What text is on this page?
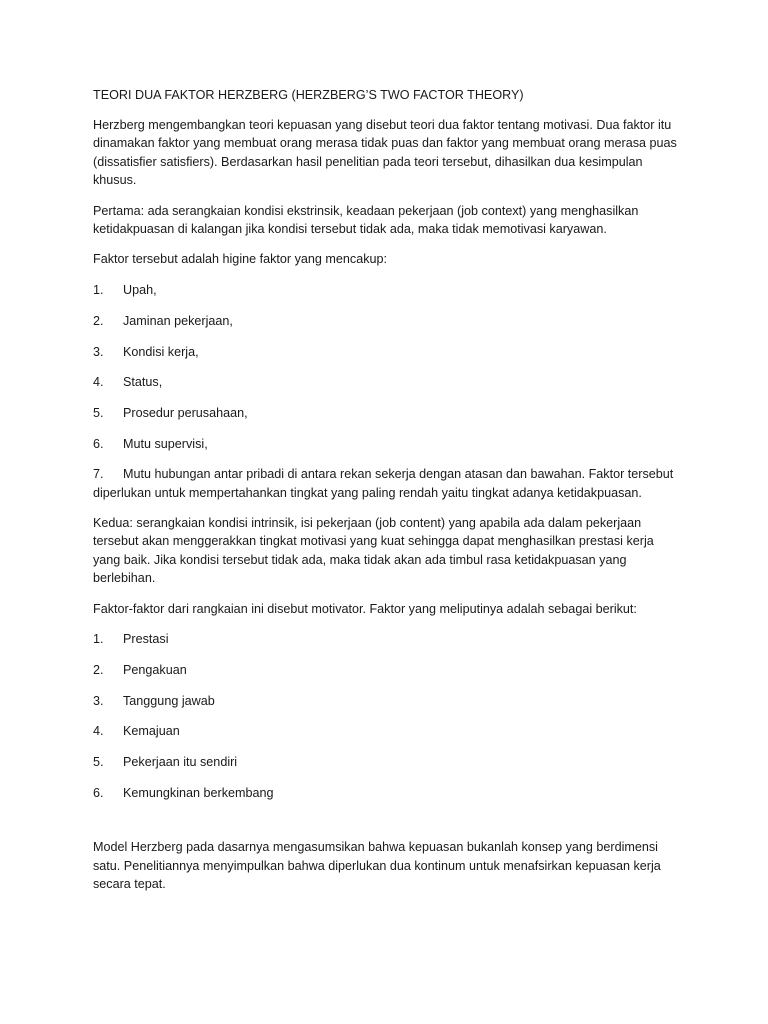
TEORI DUA FAKTOR HERZBERG (HERZBERG’S TWO FACTOR THEORY)

Herzberg mengembangkan teori kepuasan yang disebut teori dua faktor tentang motivasi. Dua faktor itu dinamakan faktor yang membuat orang merasa tidak puas dan faktor yang membuat orang merasa puas (dissatisfier satisfiers). Berdasarkan hasil penelitian pada teori tersebut, dihasilkan dua kesimpulan khusus.

Pertama: ada serangkaian kondisi ekstrinsik, keadaan pekerjaan (job context) yang menghasilkan ketidakpuasan di kalangan jika kondisi tersebut tidak ada, maka tidak memotivasi karyawan.

Faktor tersebut adalah higine faktor yang mencakup:

1.	Upah,
2.	Jaminan pekerjaan,
3.	Kondisi kerja,
4.	Status,
5.	Prosedur perusahaan,
6.	Mutu supervisi,
7. Mutu hubungan antar pribadi di antara rekan sekerja dengan atasan dan bawahan. Faktor tersebut diperlukan untuk mempertahankan tingkat yang paling rendah yaitu tingkat adanya ketidakpuasan.

Kedua: serangkaian kondisi intrinsik, isi pekerjaan (job content) yang apabila ada dalam pekerjaan tersebut akan menggerakkan tingkat motivasi yang kuat sehingga dapat menghasilkan prestasi kerja yang baik. Jika kondisi tersebut tidak ada, maka tidak akan ada timbul rasa ketidakpuasan yang berlebihan.

Faktor-faktor dari rangkaian ini disebut motivator. Faktor yang meliputinya adalah sebagai berikut:

1.	Prestasi
2.	Pengakuan
3.	Tanggung jawab
4.	Kemajuan
5.	Pekerjaan itu sendiri
6.	Kemungkinan berkembang

Model Herzberg pada dasarnya mengasumsikan bahwa kepuasan bukanlah konsep yang berdimensi satu. Penelitiannya menyimpulkan bahwa diperlukan dua kontinum untuk menafsirkan kepuasan kerja secara tepat.
